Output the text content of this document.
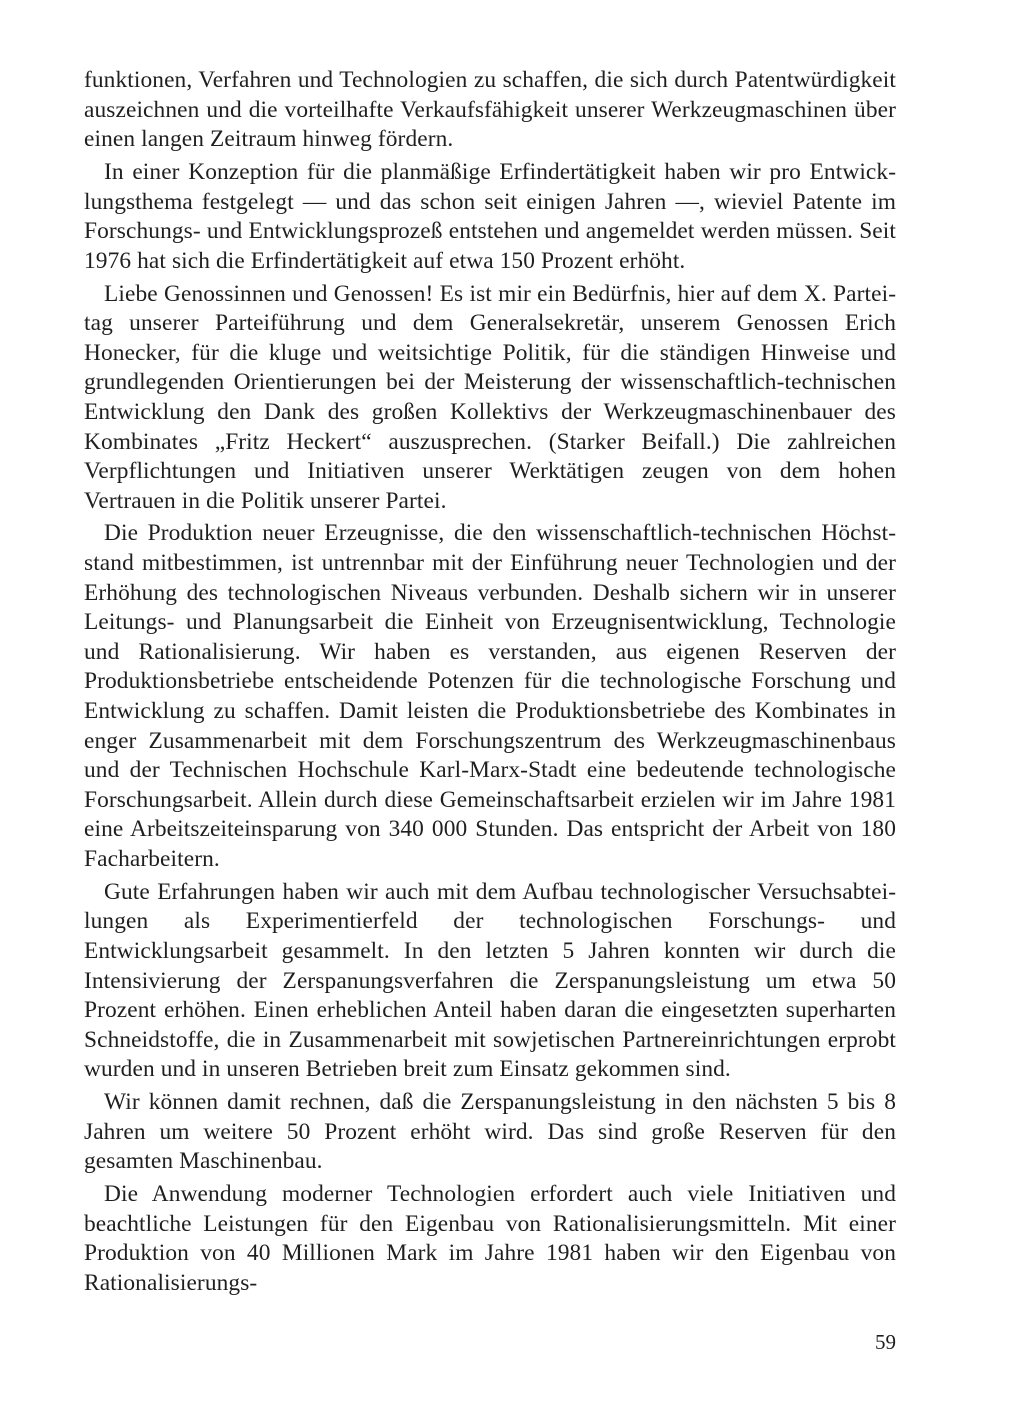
funktionen, Verfahren und Technologien zu schaffen, die sich durch Patentwürdigkeit auszeichnen und die vorteilhafte Verkaufsfähigkeit unserer Werkzeugmaschinen über einen langen Zeitraum hinweg fördern.

In einer Konzeption für die planmäßige Erfindertätigkeit haben wir pro Entwicklungsthema festgelegt — und das schon seit einigen Jahren —, wieviel Patente im Forschungs- und Entwicklungsprozeß entstehen und angemeldet werden müssen. Seit 1976 hat sich die Erfindertätigkeit auf etwa 150 Prozent erhöht.

Liebe Genossinnen und Genossen! Es ist mir ein Bedürfnis, hier auf dem X. Parteitag unserer Parteiführung und dem Generalsekretär, unserem Genossen Erich Honecker, für die kluge und weitsichtige Politik, für die ständigen Hinweise und grundlegenden Orientierungen bei der Meisterung der wissenschaftlich-technischen Entwicklung den Dank des großen Kollektivs der Werkzeugmaschinenbauer des Kombinates „Fritz Heckert“ auszusprechen. (Starker Beifall.) Die zahlreichen Verpflichtungen und Initiativen unserer Werktätigen zeugen von dem hohen Vertrauen in die Politik unserer Partei.

Die Produktion neuer Erzeugnisse, die den wissenschaftlich-technischen Höchststand mitbestimmen, ist untrennbar mit der Einführung neuer Technologien und der Erhöhung des technologischen Niveaus verbunden. Deshalb sichern wir in unserer Leitungs- und Planungsarbeit die Einheit von Erzeugnisentwicklung, Technologie und Rationalisierung. Wir haben es verstanden, aus eigenen Reserven der Produktionsbetriebe entscheidende Potenzen für die technologische Forschung und Entwicklung zu schaffen. Damit leisten die Produktionsbetriebe des Kombinates in enger Zusammenarbeit mit dem Forschungszentrum des Werkzeugmaschinenbaus und der Technischen Hochschule Karl-Marx-Stadt eine bedeutende technologische Forschungsarbeit. Allein durch diese Gemeinschaftsarbeit erzielen wir im Jahre 1981 eine Arbeitszeiteinsparung von 340 000 Stunden. Das entspricht der Arbeit von 180 Facharbeitern.

Gute Erfahrungen haben wir auch mit dem Aufbau technologischer Versuchsabteilungen als Experimentierfeld der technologischen Forschungs- und Entwicklungsarbeit gesammelt. In den letzten 5 Jahren konnten wir durch die Intensivierung der Zerspanungsverfahren die Zerspanungsleistung um etwa 50 Prozent erhöhen. Einen erheblichen Anteil haben daran die eingesetzten superharten Schneidstoffe, die in Zusammenarbeit mit sowjetischen Partnereinrichtungen erprobt wurden und in unseren Betrieben breit zum Einsatz gekommen sind.

Wir können damit rechnen, daß die Zerspanungsleistung in den nächsten 5 bis 8 Jahren um weitere 50 Prozent erhöht wird. Das sind große Reserven für den gesamten Maschinenbau.

Die Anwendung moderner Technologien erfordert auch viele Initiativen und beachtliche Leistungen für den Eigenbau von Rationalisierungsmitteln. Mit einer Produktion von 40 Millionen Mark im Jahre 1981 haben wir den Eigenbau von Rationalisierungs-

59
